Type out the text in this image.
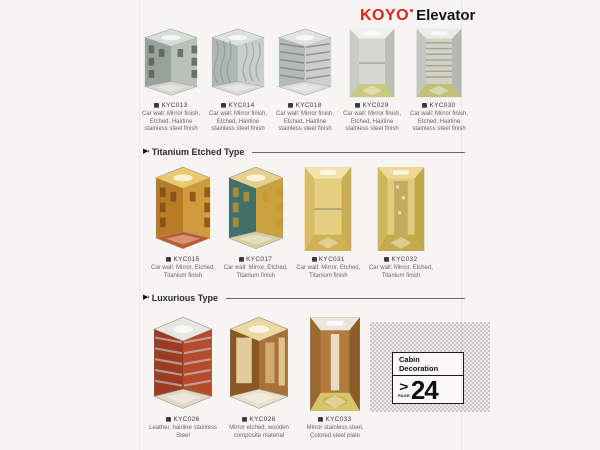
KOYO Elevator
KYC013
Car wall: Mirror finish, Etched, Hairline stainless steel finish
KYC014
Car wall: Mirror finish, Etched, Hairline stainless steel finish
KYC018
Car wall: Mirror finish, Etched, Hairline stainless steel finish
KYC029
Car wall: Mirror finish, Etched, Hairline stainless steel finish
KYC030
Car wall: Mirror finish, Etched, Hairline stainless steel finish
▶› Titanium Etched Type
KYC015
Car wall: Mirror, Etched, Titanium finish
KYC017
Car wall: Mirror, Etched, Titanium finish
KYC031
Car wall: Mirror, Etched, Titanium finish
KYC032
Car wall: Mirror, Etched, Titanium finish
▶› Luxurious Type
KYC026
Leather, hairline stainless Steel
KYC028
Mirror etched, wooden composite material
KYC033
Mirror stainless steel, Colored steel plate
Cabin
Decoration
>
PAGE 24
